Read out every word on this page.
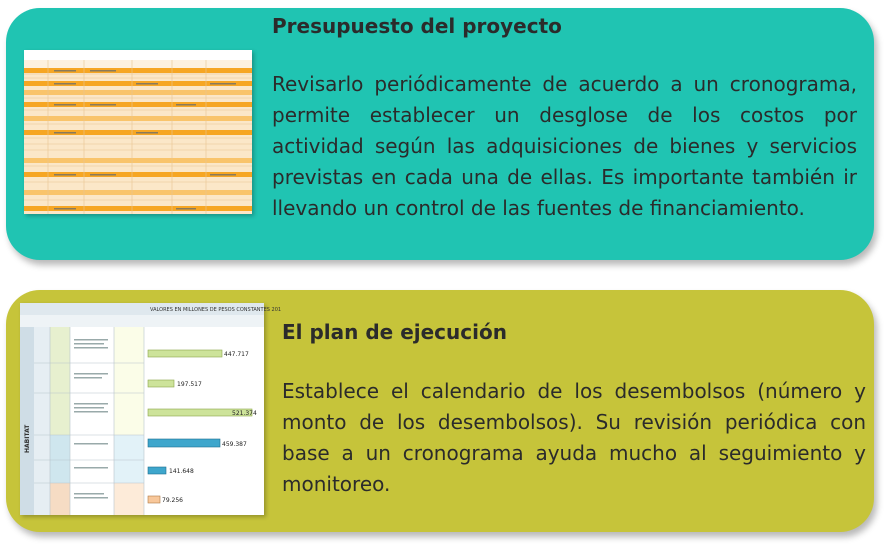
VALORES EN MILLONES DE PESOS CONSTANTES 201
HABITAT
447.717
197.517
521.374
459.387
141.648
79.256
Presupuesto del proyecto
Revisarlo periódicamente de acuerdo a un cronograma, permite establecer un desglose de los costos por actividad según las adquisiciones de bienes y servicios previstas en cada una de ellas. Es importante también ir llevando un control de las fuentes de financiamiento.
El plan de ejecución
Establece el calendario de los desembolsos (número y monto de los desembolsos). Su revisión periódica con base a un cronograma ayuda mucho al seguimiento y monitoreo.
